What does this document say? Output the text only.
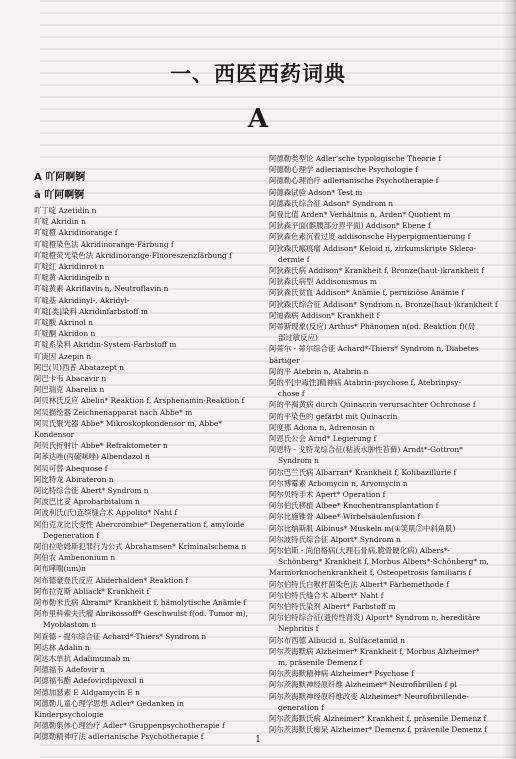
一、西医西药词典
A
A 吖阿啊锕
ā 吖阿啊锕
吖丁啶 Azetidin n
吖啶 Akridin n
吖啶橙 Akridinorange f
吖啶橙染色法 Akridinorange-Färbung f
吖啶橙荧光染色法 Akridinorange-Fluoreszenzfärbung f
吖啶红 Akridinrot n
吖啶黄 Akridingelb n
吖啶黄素 Akriflavin n, Neutroflavin n
吖啶基 Akridinyl-, Akridyl-
吖啶[类]染料 Akridinfarbstoff m
吖啶酸 Akrinol n
吖啶酮 Akridon n
吖啶系染料 Akridin-System-Farbstoff m
吖庚因 Azepin n
阿巴(贝)西普 Abatazept n
阿巴卡韦 Abacavir n
阿巴瑞克 Abarelix n
阿贝林氏反应 Abelin* Reaktion f, Arsphenamin-Reaktion f
阿贝描绘器 Zeichnenapparat nach Abbe* m
阿贝氏聚光器 Abbe* Mikroskopkondensor m, Abbe* Kondensor
阿贝氏折射计 Abbe* Refraktometer n
阿苯达唑(丙硫咪唑) Albendazol n
阿贝可替 Abequose f
阿比特龙 Abirateron n
阿比特综合征 Abert* Syndrom n
阿波巴比妥 Aprobarbitalum n
阿波利氏(氏)连续缝合术 Appolito* Naht f
阿伯克龙比氏变性 Abercrombie* Degeneration f, amyloide
Degeneration f
阿伯拉哈姆斯犯罪行为公式 Abrahamsen* Kriminalschema n
阿伯农 Ambenonium n
阿布哮喘(um)n
阿布德豪登氏反应 Abderhalden* Reaktion f
阿布拉克斯 Abliack* Krankheit f
阿布勒米氏病 Abrami* Krankheit f, hämolytische Anämie f
阿布里科索夫氏瘤 Abrikossoff* Geschwulst f(od. Tumor m),
Myoblastom n
阿查德 - 提尔综合征 Achard*-Thiers* Syndrom n
阿达林 Adalin n
阿达木单抗 Adalimumab m
阿德福韦 Adefovir n
阿德福韦酯 Adefovirdipivoxil n
阿德加瑟素 E Aldgamycin E n
阿德勒儿童心理学思想 Adler* Gedanken in Kinderpsychologie
阿德勒集体心理治疗 Adler* Gruppenpsychotherapie f
阿德勒精神疗法 adlerianische Psychotherapie f
阿德勒类型论 Adler'sche typologische Theorie f
阿德勒心理学 adlerianische Psychologie f
阿德勒心理治疗 adlerianische Psychotherapie f
阿德森试验 Adson* Test m
阿德森氏综合征 Adson* Syndrom n
阿登比值 Arden* Verhältnis n, Arden* Quotient m
阿狄森平面(髌腰部分界平面) Addison* Ebene f
阿狄森色素沉着过度 addisonsche Hyperpigmentierung f
阿狄森氏瘢痕瘤 Addison* Keloid n, zirkumskripte Sklero-
dermie f
阿狄森氏病 Addison* Krankheit f, Bronze(haut-)krankheit f
阿狄森氏病型 Addisonismus m
阿狄森氏贫血 Addison* Anämie f, perniziöse Anämie f
阿狄森氏综合征 Addison* Syndrom n, Bronze(haut-)krankheit f
阿迪森病 Addison* Krankheit f
阿蒂斯现象(反应) Arthus* Phänomen n(od. Reaktion f)(局
部过敏反应)
阿蒂尔 - 蒂尔综合征 Achard*-Thiers* Syndrom n, Diabetes bärtiger
阿的平 Atebrin n, Atabrin n
阿的平[中毒性]精神病 Atabrin-psychose f, Atebrinpsy-
chose f
阿的平褐黄病 durch Quinacrin verursachter Ochronose f
阿的平染色的 gefärbt mit Quinacrin
阿度那 Adona n, Adrenosin n
阿恩氏公会 Arnd* Legierung f
阿恩特 - 戈特龙综合征(粘液水肿性苔藓) Arndt*-Gottron*
Syndrom n
阿尔巴兰氏病 Albarran* Krankheit f, Kolibazillurie f
阿尔博霉素 Arbomycin n, Arvomycin n
阿尔贝特手术 Apert* Operation f
阿尔伯氏移植 Albee* Knochentransplantation f
阿尔比施锥骨 Albee* Wirbelsäulenfusion f
阿尔比纳斯肌 Albinus* Muskeln m(①笑肌②中斜角肌)
阿尔波特氏综合征 Alport* Syndrom n
阿尔伯斯 - 尚伯格病(大理石骨病,脆骨硬化病) Albers*-
Schönberg* Krankheit f, Morbus Albers*-Schönberg* m,
Marmorknochenkrankheit f, Osteopetrosis familiaris f
阿尔伯特氏白喉杆菌染色法 Albert* Färbemethode f
阿尔伯特氏缝合术 Albert* Naht f
阿尔伯特氏染剂 Albert* Farbstoff m
阿尔伯特综合征(遗传性肾炎) Alport* Syndrom n, hereditäre
Nephritis f
阿尔布西德 Albucid n, Sulfacetamid n
阿尔茨海默病 Alzheimer* Krankheit f, Morbus Alzheimer*
m, präsenile Demenz f
阿尔茨海默精神病 Alzheimer* Psychose f
阿尔茨海默神经原纤维 Alzheimer* Neurofibrillen f pl
阿尔茨海默神经原纤维改变 Alzheimer* Neurofibrillende-
generation f
阿尔茨海默氏病 Alzheimer* Krankheit f, präsenile Demenz f
阿尔茨海默氏痴呆 Alzheimer* Demenz f, präsenile Demenz f
1
